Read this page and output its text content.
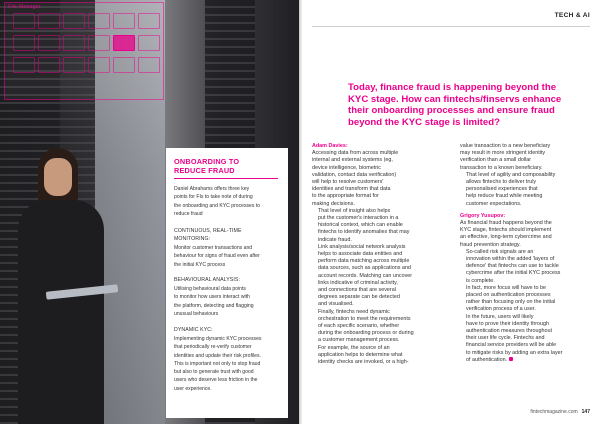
File Manager
ONBOARDING TO
REDUCE FRAUD
Daniel Abrahams offers three key
points for FIs to take note of during
the onboarding and KYC processes to
reduce fraud
CONTINUOUS, REAL-TIME
MONITORING:
Monitor customer transactions and
behaviour for signs of fraud even after
the initial KYC process
BEHAVIOURAL ANALYSIS:
Utilising behavioural data points
to monitor how users interact with
the platform, detecting and flagging
unusual behaviours
DYNAMIC KYC:
Implementing dynamic KYC processes
that periodically re-verify customer
identities and update their risk profiles.
This is important not only to stop fraud
but also to generate trust with good
users who deserve less friction in the
user experience.
TECH & AI
Today, finance fraud is happening beyond the
KYC stage. How can fintechs/finservs enhance
their onboarding processes and ensure fraud
beyond the KYC stage is limited?
Adam Davies:
Accessing data from across multiple
internal and external systems (eg,
device intelligence, biometric
validation, contact data verification)
will help to resolve customers'
identities and transform that data
to the appropriate format for
making decisions.
That level of insight also helps
put the customer's interaction in a
historical context, which can enable
fintechs to identify anomalies that may
indicate fraud.
Link analysis/social network analysis
helps to associate data entities and
perform data matching across multiple
data sources, such as applications and
account records. Matching can uncover
links indicative of criminal activity,
and connections that are several
degrees separate can be detected
and visualised.
Finally, fintechs need dynamic
orchestration to meet the requirements
of each specific scenario, whether
during the onboarding process or during
a customer management process.
For example, the source of an
application helps to determine what
identity checks are invoked, or a high-
value transaction to a new beneficiary
may result in more stringent identity
verification than a small dollar
transaction to a known beneficiary.
That level of agility and composability
allows fintechs to deliver truly
personalised experiences that
help reduce fraud while meeting
customer expectations.
Grigory Yusupov:
As financial fraud happens beyond the
KYC stage, fintechs should implement
an effective, long-term cybercrime and
fraud prevention strategy.
So-called risk signals are an
innovation within the added 'layers of
defence' that fintechs can use to tackle
cybercrime after the initial KYC process
is complete.
In fact, more focus will have to be
placed on authentication processes
rather than focusing only on the initial
verification process of a user.
In the future, users will likely
have to prove their identity through
authentication measures throughout
their user life cycle. Fintechs and
financial service providers will be able
to mitigate risks by adding an extra layer
of authentication.
fintechmagazine.com 147
